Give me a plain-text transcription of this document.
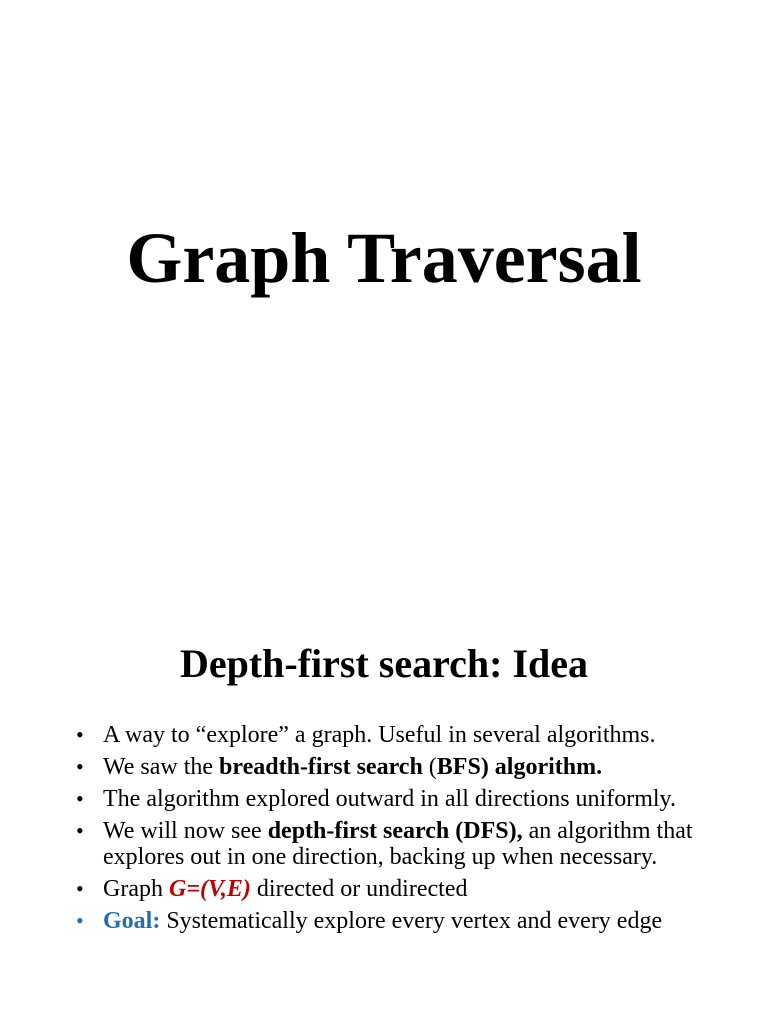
Graph Traversal
Depth-first search: Idea
• A way to “explore” a graph. Useful in several algorithms.
• We saw the breadth-first search (BFS) algorithm.
• The algorithm explored outward in all directions uniformly.
• We will now see depth-first search (DFS), an algorithm that explores out in one direction, backing up when necessary.
• Graph G=(V,E) directed or undirected
• Goal: Systematically explore every vertex and every edge
